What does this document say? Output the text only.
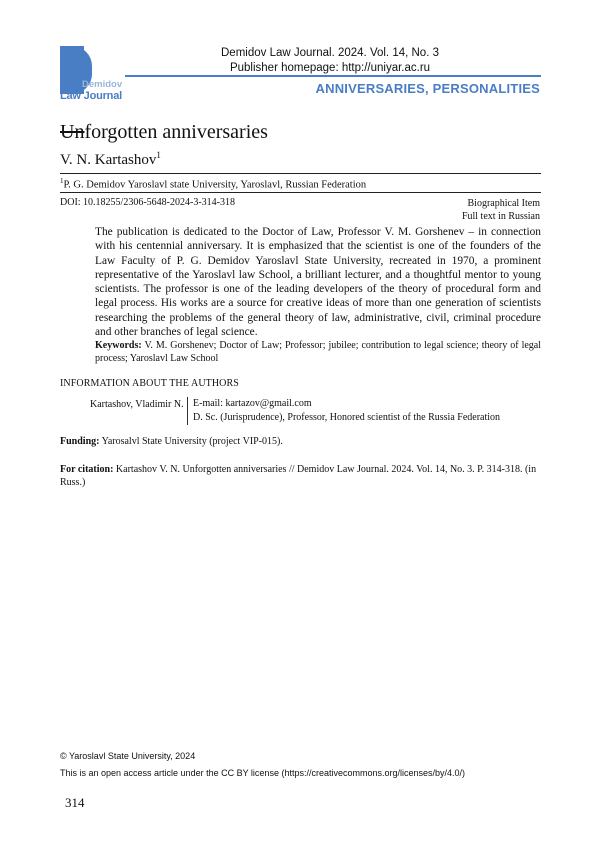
Demidov
Law Journal
Demidov Law Journal. 2024. Vol. 14, No. 3
Publisher homepage: http://uniyar.ac.ru
ANNIVERSARIES, PERSONALITIES
Unforgotten anniversaries
V. N. Kartashov$^1$
$^1$P. G. Demidov Yaroslavl state University, Yaroslavl, Russian Federation
DOI: 10.18255/2306-5648-2024-3-314-318	Biographical Item
Full text in Russian
The publication is dedicated to the Doctor of Law, Professor V. M. Gorshenev – in connection with his centennial anniversary. It is emphasized that the scientist is one of the founders of the Law Faculty of P. G. Demidov Yaroslavl State University, recreated in 1970, a prominent representative of the Yaroslavl law School, a brilliant lecturer, and a thoughtful mentor to young scientists. The professor is one of the leading developers of the theory of procedural form and legal process. His works are a source for creative ideas of more than one generation of scientists researching the problems of the general theory of law, administrative, civil, criminal procedure and other branches of legal science.
Keywords: V. M. Gorshenev; Doctor of Law; Professor; jubilee; contribution to legal science; theory of legal process; Yaroslavl Law School
INFORMATION ABOUT THE AUTHORS
Kartashov, Vladimir N. E-mail: kartazov@gmail.com
D. Sc. (Jurisprudence), Professor, Honored scientist of the Russia Federation
Funding: Yarosalvl State University (project VIP-015).
For citation: Kartashov V. N. Unforgotten anniversaries // Demidov Law Journal. 2024. Vol. 14, No. 3. P. 314-318. (in Russ.)
© Yaroslavl State University, 2024
This is an open access article under the CC BY license (https://creativecommons.org/licenses/by/4.0/)
314
